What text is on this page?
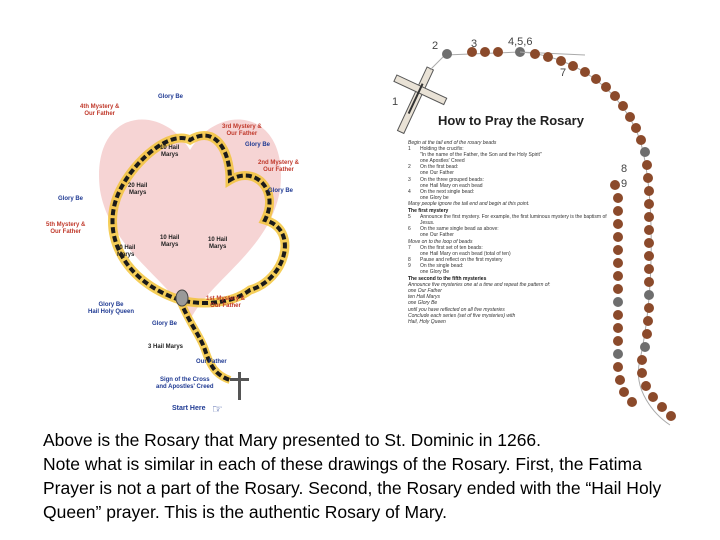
☞
4th Mystery &
Our Father
Glory Be
3rd Mystery &
Our Father
10 Hail
Marys
Glory Be
2nd Mystery &
Our Father
20 Hail
Marys	Glory Be
Glory Be
5th Mystery &
Our Father
10 Hail
Marys
10 Hail
Marys
10 Hail
Marys
Glory Be
Hail Holy Queen
1st Mystery &
Our Father
Glory Be
3 Hail Marys
Our Father
Sign of the Cross
and Apostles' Creed
Start Here
2	3	4,5,6
7
1
8
9
How to Pray the Rosary
Begin at the tail end of the rosary beads
1	Holding the crucifix:
"In the name of the Father, the Son and the Holy Spirit"
one Apostles' Creed
2	On the first bead:
one Our Father
3	On the three grouped beads:
one Hail Mary on each bead
4	On the next single bead:
one Glory be
Many people ignore the tail end and begin at this point.
The first mystery
5	Announce the first mystery. For example, the first luminous mystery is the baptism of Jesus.
6	On the same single bead as above:
one Our Father
Move on to the loop of beads
7	On the first set of ten beads:
one Hail Mary on each bead (total of ten)
8	Pause and reflect on the first mystery
9	On the single bead:
one Glory Be
The second to the fifth mysteries
Announce five mysteries one at a time and repeat the pattern of:
one Our Father
ten Hail Marys
one Glory Be
until you have reflected on all five mysteries
Conclude each series (set of five mysteries) with
Hail, Holy Queen

Above is the Rosary that Mary presented to St. Dominic in 1266.

Note what is similar in each of these drawings of the Rosary. First, the Fatima Prayer is not a part of the Rosary. Second, the Rosary ended with the “Hail Holy Queen” prayer. This is the authentic Rosary of Mary.
